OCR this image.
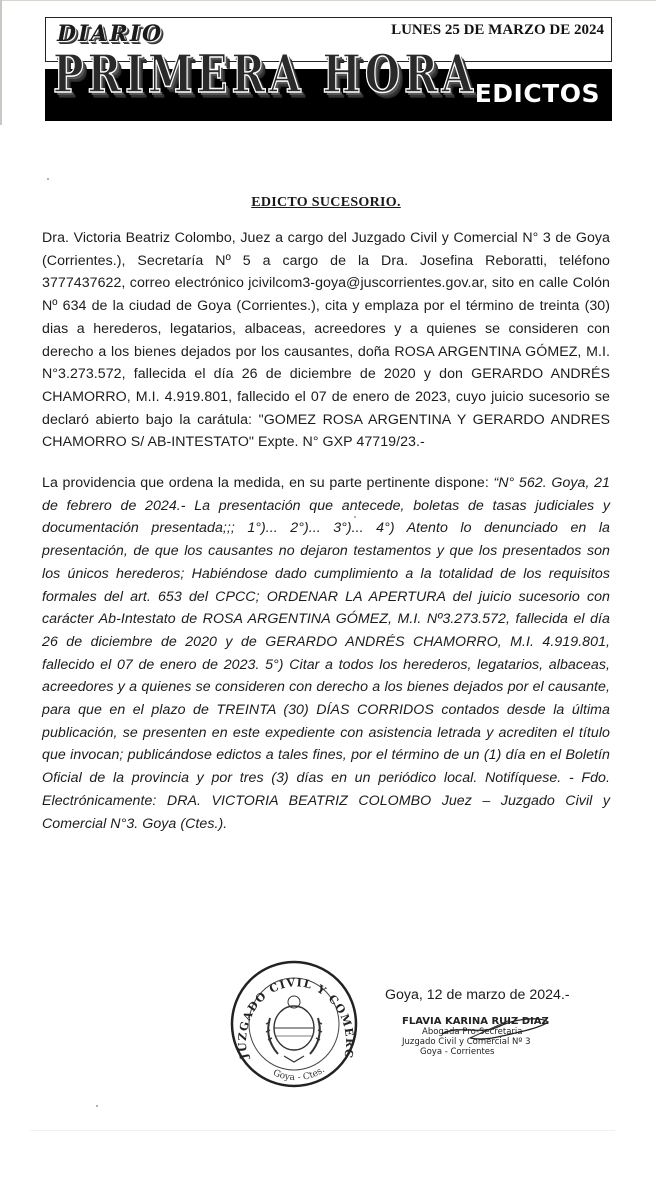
DIARIO
PRIMERA HORA
LUNES 25 DE MARZO DE 2024
EDICTOS
EDICTO SUCESORIO.

Dra. Victoria Beatriz Colombo, Juez a cargo del Juzgado Civil y Comercial N° 3 de Goya (Corrientes.), Secretaría Nº 5 a cargo de la Dra. Josefina Reboratti, teléfono 3777437622, correo electrónico jcivilcom3-goya@juscorrientes.gov.ar, sito en calle Colón Nº 634 de la ciudad de Goya (Corrientes.), cita y emplaza por el término de treinta (30) dias a herederos, legatarios, albaceas, acreedores y a quienes se consideren con derecho a los bienes dejados por los causantes, doña ROSA ARGENTINA GÓMEZ, M.I. N°3.273.572, fallecida el día 26 de diciembre de 2020 y don GERARDO ANDRÉS CHAMORRO, M.I. 4.919.801, fallecido el 07 de enero de 2023, cuyo juicio sucesorio se declaró abierto bajo la carátula: "GOMEZ ROSA ARGENTINA Y GERARDO ANDRES CHAMORRO S/ AB-INTESTATO" Expte. N° GXP 47719/23.-

La providencia que ordena la medida, en su parte pertinente dispone: “N° 562. Goya, 21 de febrero de 2024.- La presentación que antecede, boletas de tasas judiciales y documentación presentada;;; 1°)... 2°)... 3°)... 4°) Atento lo denunciado en la presentación, de que los causantes no dejaron testamentos y que los presentados son los únicos herederos; Habiéndose dado cumplimiento a la totalidad de los requisitos formales del art. 653 del CPCC; ORDENAR LA APERTURA del juicio sucesorio con carácter Ab-Intestato de ROSA ARGENTINA GÓMEZ, M.I. Nº3.273.572, fallecida el día 26 de diciembre de 2020 y de GERARDO ANDRÉS CHAMORRO, M.I. 4.919.801, fallecido el 07 de enero de 2023. 5°) Citar a todos los herederos, legatarios, albaceas, acreedores y a quienes se consideren con derecho a los bienes dejados por el causante, para que en el plazo de TREINTA (30) DÍAS CORRIDOS contados desde la última publicación, se presenten en este expediente con asistencia letrada y acrediten el título que invocan; publicándose edictos a tales fines, por el término de un (1) día en el Boletín Oficial de la provincia y por tres (3) días en un periódico local. Notifíquese. - Fdo. Electrónicamente: DRA. VICTORIA BEATRIZ COLOMBO Juez – Juzgado Civil y Comercial N°3. Goya (Ctes.).

Goya, 12 de marzo de 2024.-
JUZGADO CIVIL Y COMERC
Goya - Ctes.
FLAVIA KARINA RUIZ DIAZ
Abogada Pro-Secretaria
Juzgado Civil y Comercial Nº 3
Goya - Corrientes
